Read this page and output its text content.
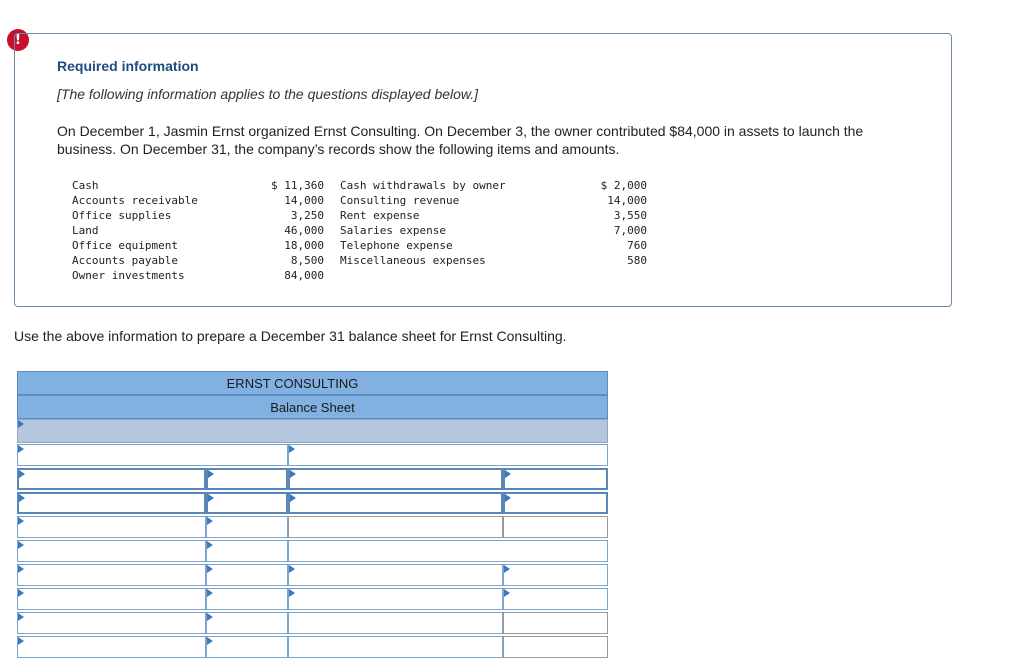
!
Required information
[The following information applies to the questions displayed below.]
On December 1, Jasmin Ernst organized Ernst Consulting. On December 3, the owner contributed $84,000 in assets to launch the business. On December 31, the company’s records show the following items and amounts.
Cash
Accounts receivable
Office supplies
Land
Office equipment
Accounts payable
Owner investments
$ 11,360
14,000
3,250
46,000
18,000
8,500
84,000
Cash withdrawals by owner
Consulting revenue
Rent expense
Salaries expense
Telephone expense
Miscellaneous expenses
$ 2,000
14,000
3,550
7,000
760
580
Use the above information to prepare a December 31 balance sheet for Ernst Consulting.
ERNST CONSULTING
Balance Sheet
